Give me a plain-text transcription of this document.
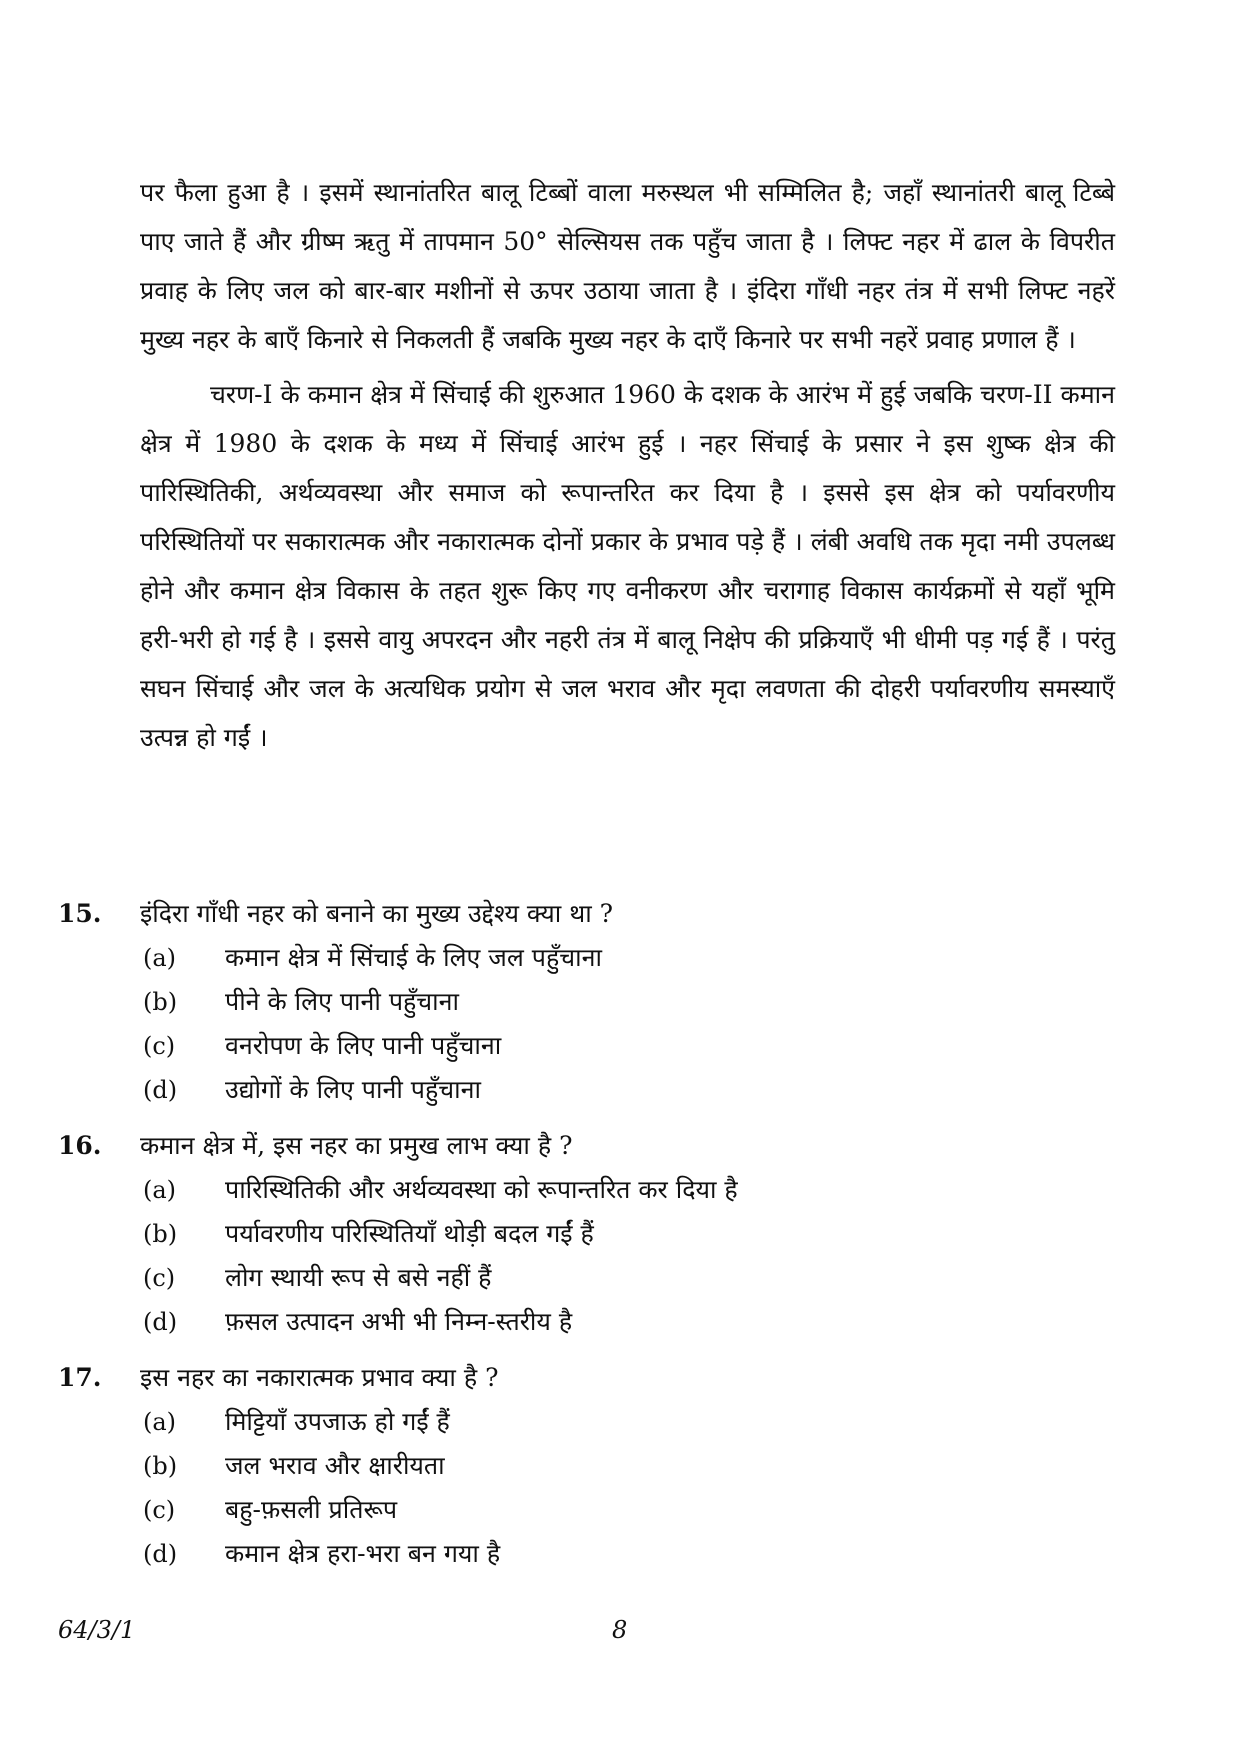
पर फैला हुआ है । इसमें स्थानांतरित बालू टिब्बों वाला मरुस्थल भी सम्मिलित है; जहाँ स्थानांतरी बालू टिब्बे पाए जाते हैं और ग्रीष्म ऋतु में तापमान 50° सेल्सियस तक पहुँच जाता है । लिफ्ट नहर में ढाल के विपरीत प्रवाह के लिए जल को बार-बार मशीनों से ऊपर उठाया जाता है । इंदिरा गाँधी नहर तंत्र में सभी लिफ्ट नहरें मुख्य नहर के बाएँ किनारे से निकलती हैं जबकि मुख्य नहर के दाएँ किनारे पर सभी नहरें प्रवाह प्रणाल हैं ।

चरण-I के कमान क्षेत्र में सिंचाई की शुरुआत 1960 के दशक के आरंभ में हुई जबकि चरण-II कमान क्षेत्र में 1980 के दशक के मध्य में सिंचाई आरंभ हुई । नहर सिंचाई के प्रसार ने इस शुष्क क्षेत्र की पारिस्थितिकी, अर्थव्यवस्था और समाज को रूपान्तरित कर दिया है । इससे इस क्षेत्र को पर्यावरणीय परिस्थितियों पर सकारात्मक और नकारात्मक दोनों प्रकार के प्रभाव पड़े हैं । लंबी अवधि तक मृदा नमी उपलब्ध होने और कमान क्षेत्र विकास के तहत शुरू किए गए वनीकरण और चरागाह विकास कार्यक्रमों से यहाँ भूमि हरी-भरी हो गई है । इससे वायु अपरदन और नहरी तंत्र में बालू निक्षेप की प्रक्रियाएँ भी धीमी पड़ गई हैं । परंतु सघन सिंचाई और जल के अत्यधिक प्रयोग से जल भराव और मृदा लवणता की दोहरी पर्यावरणीय समस्याएँ उत्पन्न हो गईं ।

15.	इंदिरा गाँधी नहर को बनाने का मुख्य उद्देश्य क्या था ?
(a)	कमान क्षेत्र में सिंचाई के लिए जल पहुँचाना
(b)	पीने के लिए पानी पहुँचाना
(c)	वनरोपण के लिए पानी पहुँचाना
(d)	उद्योगों के लिए पानी पहुँचाना
16.	कमान क्षेत्र में, इस नहर का प्रमुख लाभ क्या है ?
(a)	पारिस्थितिकी और अर्थव्यवस्था को रूपान्तरित कर दिया है
(b)	पर्यावरणीय परिस्थितियाँ थोड़ी बदल गईं हैं
(c)	लोग स्थायी रूप से बसे नहीं हैं
(d)	फ़सल उत्पादन अभी भी निम्न-स्तरीय है
17.	इस नहर का नकारात्मक प्रभाव क्या है ?
(a)	मिट्टियाँ उपजाऊ हो गईं हैं
(b)	जल भराव और क्षारीयता
(c)	बहु-फ़सली प्रतिरूप
(d)	कमान क्षेत्र हरा-भरा बन गया है
64/3/1	8
